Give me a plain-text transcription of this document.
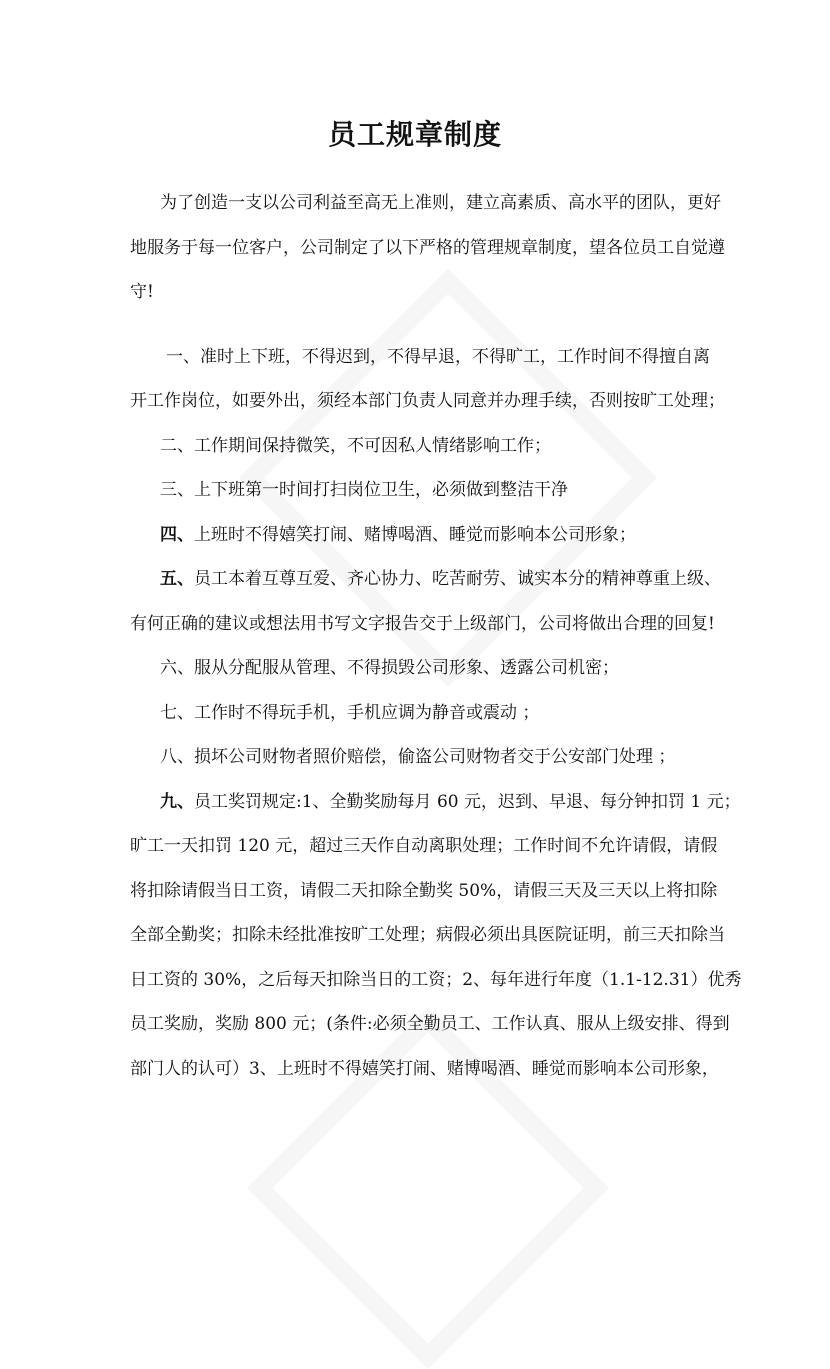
员工规章制度
为了创造一支以公司利益至高无上准则，建立高素质、高水平的团队，更好
地服务于每一位客户，公司制定了以下严格的管理规章制度，望各位员工自觉遵
守!
一、准时上下班，不得迟到，不得早退，不得旷工，工作时间不得擅自离
开工作岗位，如要外出，须经本部门负责人同意并办理手续，否则按旷工处理；
二、工作期间保持微笑，不可因私人情绪影响工作；
三、上下班第一时间打扫岗位卫生，必须做到整洁干净
四、上班时不得嬉笑打闹、赌博喝酒、睡觉而影响本公司形象；
五、员工本着互尊互爱、齐心协力、吃苦耐劳、诚实本分的精神尊重上级、
有何正确的建议或想法用书写文字报告交于上级部门，公司将做出合理的回复!
六、服从分配服从管理、不得损毁公司形象、透露公司机密；
七、工作时不得玩手机，手机应调为静音或震动 ；
八、损坏公司财物者照价赔偿，偷盗公司财物者交于公安部门处理 ；
九、员工奖罚规定:1、全勤奖励每月 60 元，迟到、早退、每分钟扣罚 1 元；
旷工一天扣罚 120 元，超过三天作自动离职处理；工作时间不允许请假，请假
将扣除请假当日工资，请假二天扣除全勤奖 50%，请假三天及三天以上将扣除
全部全勤奖；扣除未经批准按旷工处理；病假必须出具医院证明，前三天扣除当
日工资的 30%，之后每天扣除当日的工资；2、每年进行年度（1.1-12.31）优秀
员工奖励，奖励 800 元；(条件:必须全勤员工、工作认真、服从上级安排、得到
部门人的认可）3、上班时不得嬉笑打闹、赌博喝酒、睡觉而影响本公司形象，
